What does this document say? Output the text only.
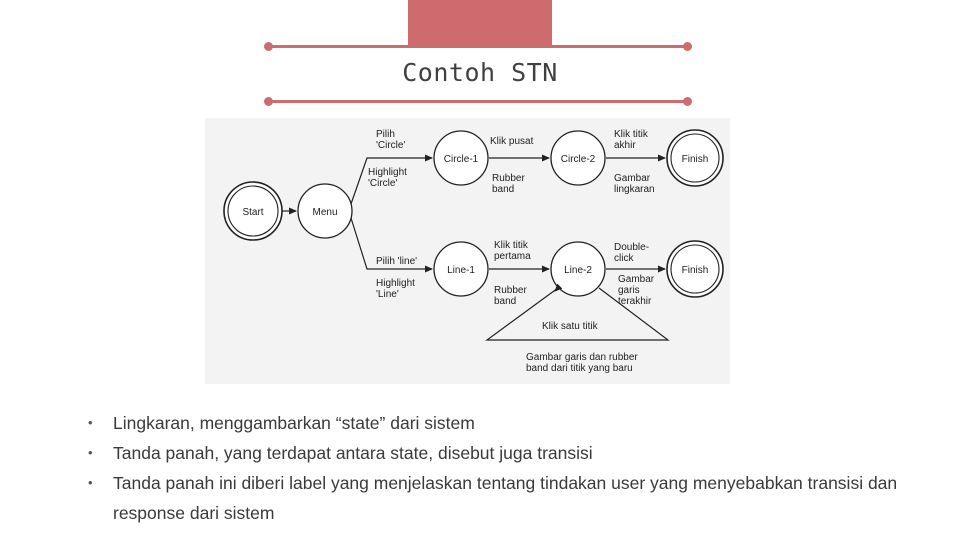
Contoh STN
Start	Menu
Circle-1	Circle-2	Finish
Line-1	Line-2	Finish
Pilih 'Circle'
Highlight 'Circle'
Klik pusat
Rubber band
Klik titik akhir
Gambar lingkaran
Pilih 'line'
Highlight 'Line'
Klik titik pertama
Rubber band
Double-click
Gambar garis terakhir
Klik satu titik
Gambar garis dan rubber band dari titik yang baru
• Lingkaran, menggambarkan “state” dari sistem
• Tanda panah, yang terdapat antara state, disebut juga transisi
• Tanda panah ini diberi label yang menjelaskan tentang tindakan user yang menyebabkan transisi dan response dari sistem
